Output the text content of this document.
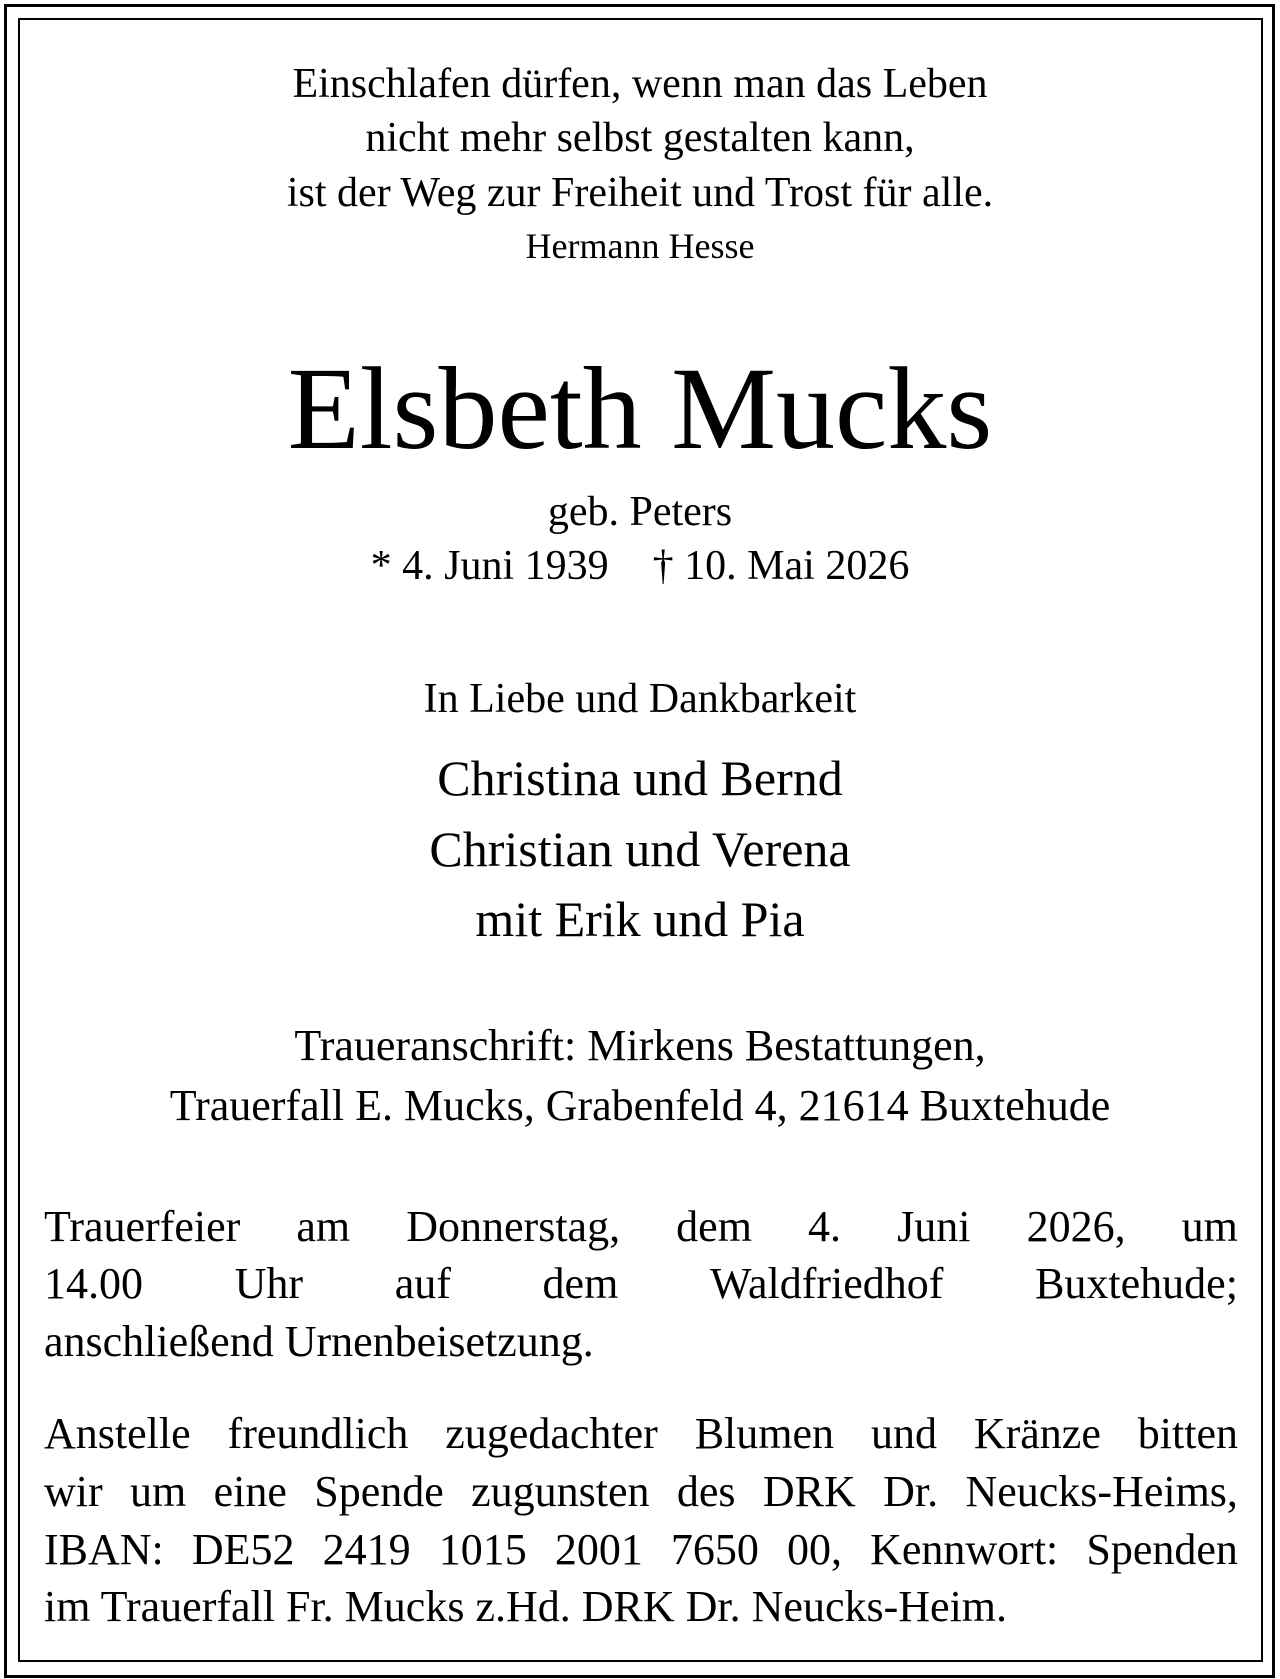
Einschlafen dürfen, wenn man das Leben
nicht mehr selbst gestalten kann,
ist der Weg zur Freiheit und Trost für alle.
Hermann Hesse
Elsbeth Mucks
geb. Peters
* 4. Juni 1939 † 10. Mai 2026
In Liebe und Dankbarkeit
Christina und Bernd
Christian und Verena
mit Erik und Pia
Traueranschrift: Mirkens Bestattungen,
Trauerfall E. Mucks, Grabenfeld 4, 21614 Buxtehude
Trauerfeier am Donnerstag, dem 4. Juni 2026, um
14.00 Uhr auf dem Waldfriedhof Buxtehude;
anschließend Urnenbeisetzung.
Anstelle freundlich zugedachter Blumen und Kränze bitten
wir um eine Spende zugunsten des DRK Dr. Neucks-Heims,
IBAN: DE52 2419 1015 2001 7650 00, Kennwort: Spenden
im Trauerfall Fr. Mucks z.Hd. DRK Dr. Neucks-Heim.
